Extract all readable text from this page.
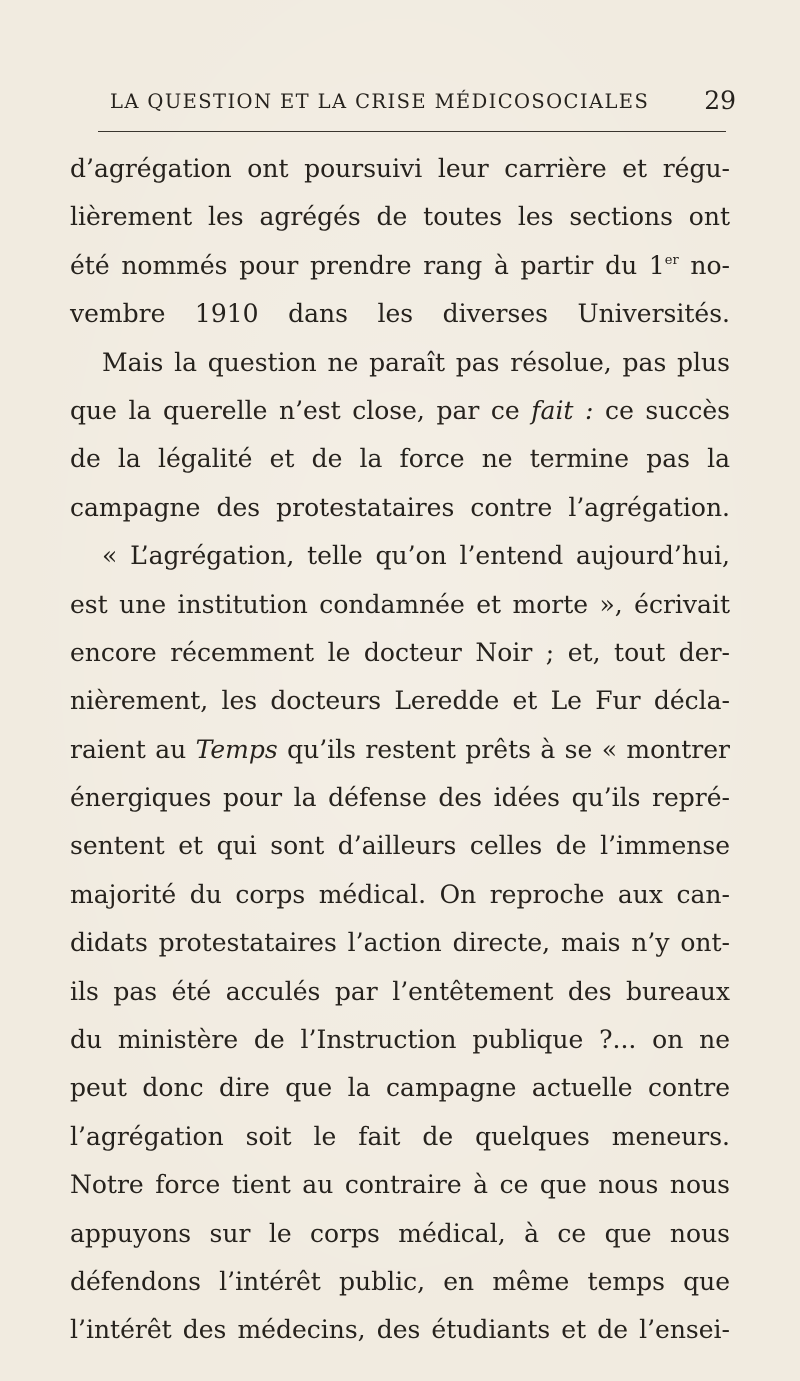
LA QUESTION ET LA CRISE MÉDICOSOCIALES 29
d’agrégation ont poursuivi leur carrière et régu-
lièrement les agrégés de toutes les sections ont
été nommés pour prendre rang à partir du 1er no-
vembre 1910 dans les diverses Universités.
Mais la question ne paraît pas résolue, pas plus
que la querelle n’est close, par ce fait : ce succès
de la légalité et de la force ne termine pas la
campagne des protestataires contre l’agrégation.
« L’agrégation, telle qu’on l’entend aujourd’hui,
est une institution condamnée et morte », écrivait
encore récemment le docteur Noir ; et, tout der-
nièrement, les docteurs Leredde et Le Fur décla-
raient au Temps qu’ils restent prêts à se « montrer
énergiques pour la défense des idées qu’ils repré-
sentent et qui sont d’ailleurs celles de l’immense
majorité du corps médical. On reproche aux can-
didats protestataires l’action directe, mais n’y ont-
ils pas été acculés par l’entêtement des bureaux
du ministère de l’Instruction publique ?... on ne
peut donc dire que la campagne actuelle contre
l’agrégation soit le fait de quelques meneurs.
Notre force tient au contraire à ce que nous nous
appuyons sur le corps médical, à ce que nous
défendons l’intérêt public, en même temps que
l’intérêt des médecins, des étudiants et de l’ensei-
